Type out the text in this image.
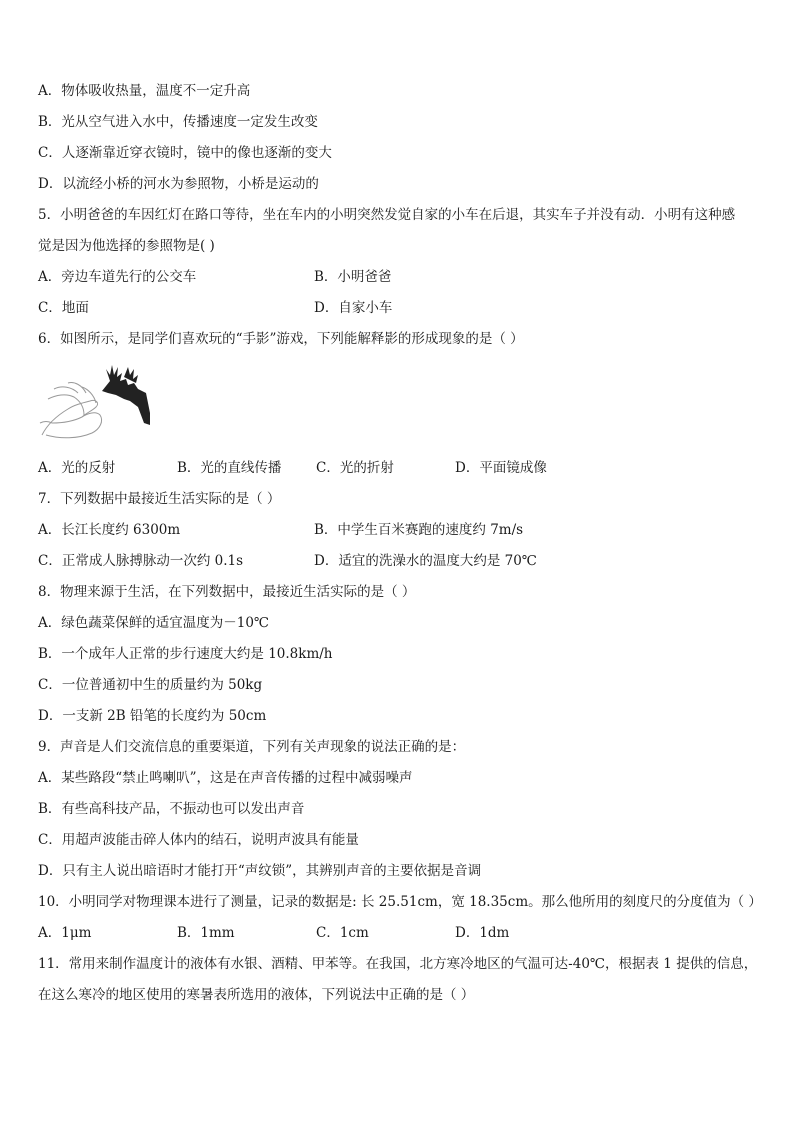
A．物体吸收热量，温度不一定升高
B．光从空气进入水中，传播速度一定发生改变
C．人逐渐靠近穿衣镜时，镜中的像也逐渐的变大
D．以流经小桥的河水为参照物，小桥是运动的
5．小明爸爸的车因红灯在路口等待，坐在车内的小明突然发觉自家的小车在后退，其实车子并没有动．小明有这种感
觉是因为他选择的参照物是( )
A．旁边车道先行的公交车	B．小明爸爸
C．地面	D．自家小车
6．如图所示，是同学们喜欢玩的“手影”游戏，下列能解释影的形成现象的是（ ）
A．光的反射	B．光的直线传播	C．光的折射	D．平面镜成像
7．下列数据中最接近生活实际的是（ ）
A．长江长度约 6300m	B．中学生百米赛跑的速度约 7m/s
C．正常成人脉搏脉动一次约 0.1s	D．适宜的洗澡水的温度大约是 70℃
8．物理来源于生活，在下列数据中，最接近生活实际的是（ ）
A．绿色蔬菜保鲜的适宜温度为－10℃
B．一个成年人正常的步行速度大约是 10.8km/h
C．一位普通初中生的质量约为 50kg
D．一支新 2B 铅笔的长度约为 50cm
9．声音是人们交流信息的重要渠道，下列有关声现象的说法正确的是：
A．某些路段“禁止鸣喇叭”，这是在声音传播的过程中减弱噪声
B．有些高科技产品，不振动也可以发出声音
C．用超声波能击碎人体内的结石，说明声波具有能量
D．只有主人说出暗语时才能打开“声纹锁”，其辨别声音的主要依据是音调
10．小明同学对物理课本进行了测量，记录的数据是: 长 25.51cm，宽 18.35cm。那么他所用的刻度尺的分度值为（ ）
A．1μm	B．1mm	C．1cm	D．1dm
11．常用来制作温度计的液体有水银、酒精、甲苯等。在我国，北方寒冷地区的气温可达-40℃，根据表 1 提供的信息，
在这么寒冷的地区使用的寒暑表所选用的液体，下列说法中正确的是（ ）
